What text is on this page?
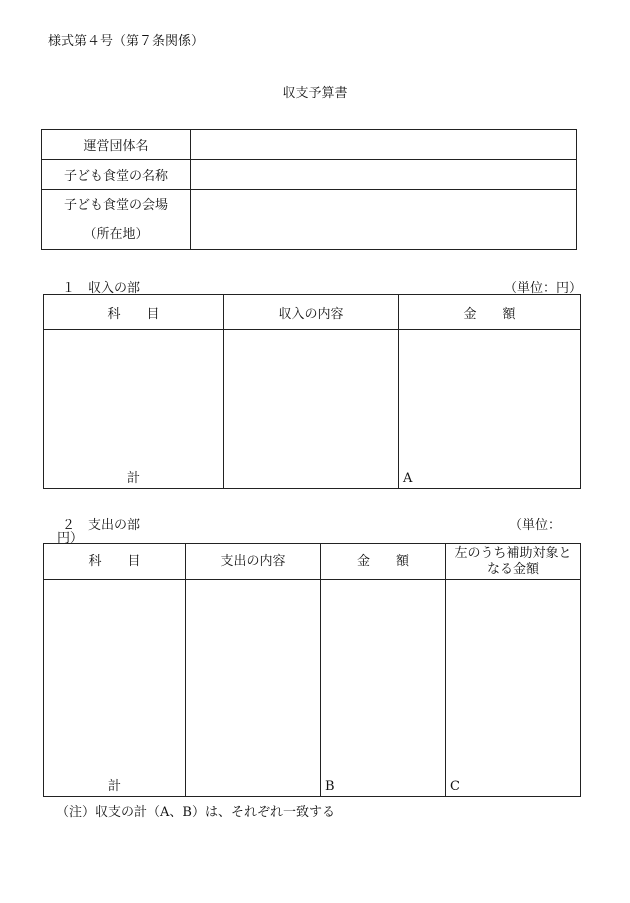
様式第４号（第７条関係）
収支予算書
運営団体名	
子ども食堂の名称	

子ども食堂の会場
（所在地）	

１　収入の部	（単位：円）
科　　目	収入の内容	金　　額

計		A
２　支出の部	（単位：
円）
科　　目	支出の内容	金　　額	左のうち補助対象となる金額

計		B	C
（注）収支の計（A、B）は、それぞれ一致する
